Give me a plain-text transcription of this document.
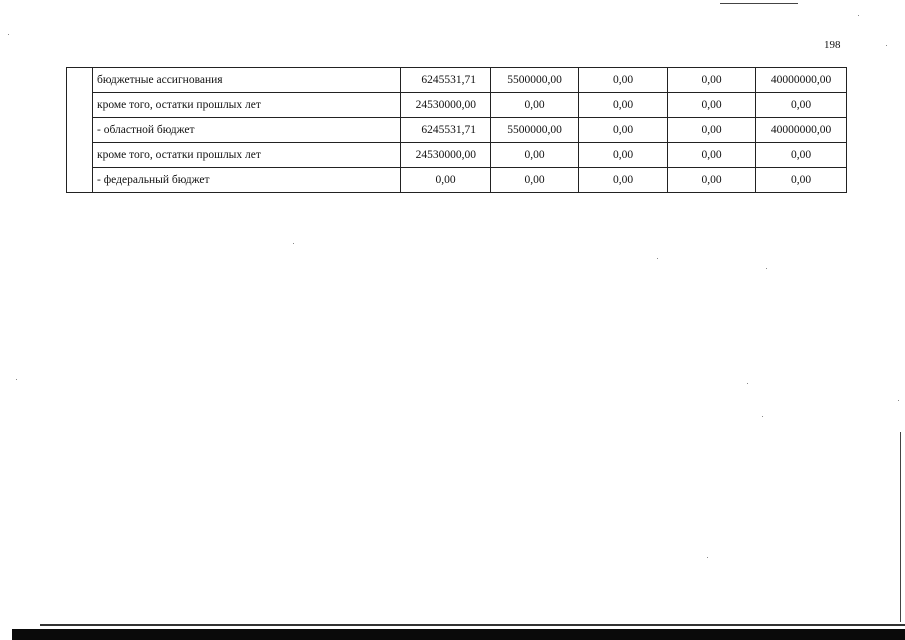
198
	бюджетные ассигнования	6245531,71	5500000,00	0,00	0,00	40000000,00
	кроме того, остатки прошлых лет	24530000,00	0,00	0,00	0,00	0,00
	- областной бюджет	6245531,71	5500000,00	0,00	0,00	40000000,00
	кроме того, остатки прошлых лет	24530000,00	0,00	0,00	0,00	0,00
	- федеральный бюджет	0,00	0,00	0,00	0,00	0,00
